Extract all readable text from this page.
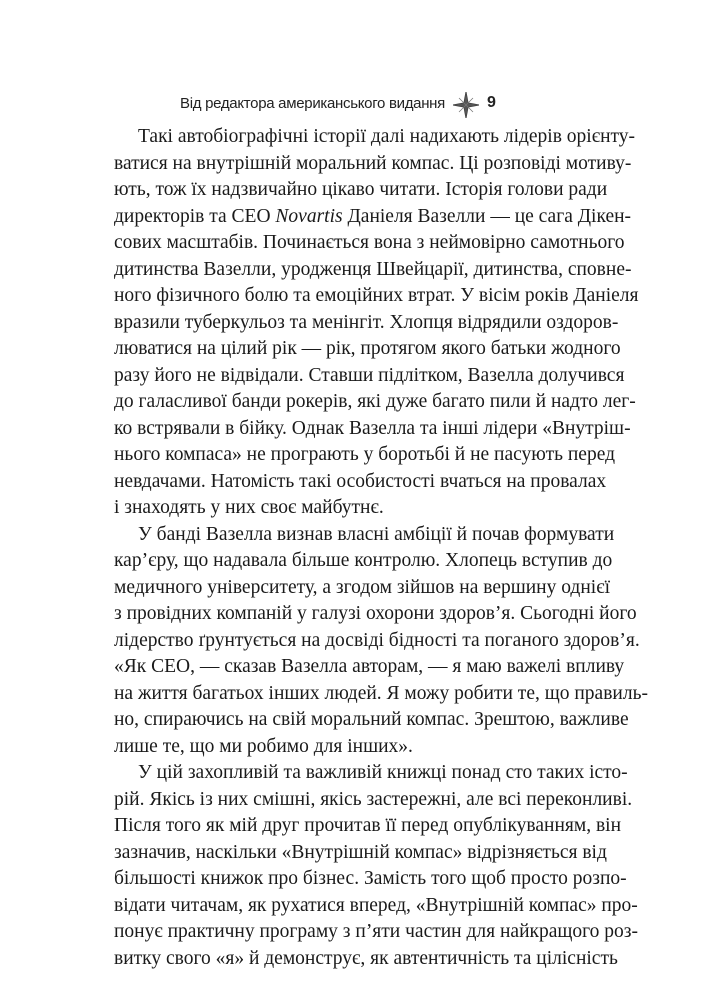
Від редактора американського видання	9
Такі автобіографічні історії далі надихають лідерів орієнту-
ватися на внутрішній моральний компас. Ці розповіді мотиву-
ють, тож їх надзвичайно цікаво читати. Історія голови ради
директорів та CEO Novartis Даніеля Вазелли — це сага Дікен-
сових масштабів. Починається вона з неймовірно самотнього
дитинства Вазелли, уродженця Швейцарії, дитинства, сповне-
ного фізичного болю та емоційних втрат. У вісім років Даніеля
вразили туберкульоз та менінгіт. Хлопця відрядили оздоров-
люватися на цілий рік — рік, протягом якого батьки жодного
разу його не відвідали. Ставши підлітком, Вазелла долучився
до галасливої банди рокерів, які дуже багато пили й надто лег-
ко встрявали в бійку. Однак Вазелла та інші лідери «Внутріш-
нього компаса» не програють у боротьбі й не пасують перед
невдачами. Натомість такі особистості вчаться на провалах
і знаходять у них своє майбутнє.
У банді Вазелла визнав власні амбіції й почав формувати
кар’єру, що надавала більше контролю. Хлопець вступив до
медичного університету, а згодом зійшов на вершину однієї
з провідних компаній у галузі охорони здоров’я. Сьогодні його
лідерство ґрунтується на досвіді бідності та поганого здоров’я.
«Як CEO, — сказав Вазелла авторам, — я маю важелі впливу
на життя багатьох інших людей. Я можу робити те, що правиль-
но, спираючись на свій моральний компас. Зрештою, важливе
лише те, що ми робимо для інших».
У цій захопливій та важливій книжці понад сто таких істо-
рій. Якісь із них смішні, якісь застережні, але всі переконливі.
Після того як мій друг прочитав її перед опублікуванням, він
зазначив, наскільки «Внутрішній компас» відрізняється від
більшості книжок про бізнес. Замість того щоб просто розпо-
відати читачам, як рухатися вперед, «Внутрішній компас» про-
понує практичну програму з п’яти частин для найкращого роз-
витку свого «я» й демонструє, як автентичність та цілісність
